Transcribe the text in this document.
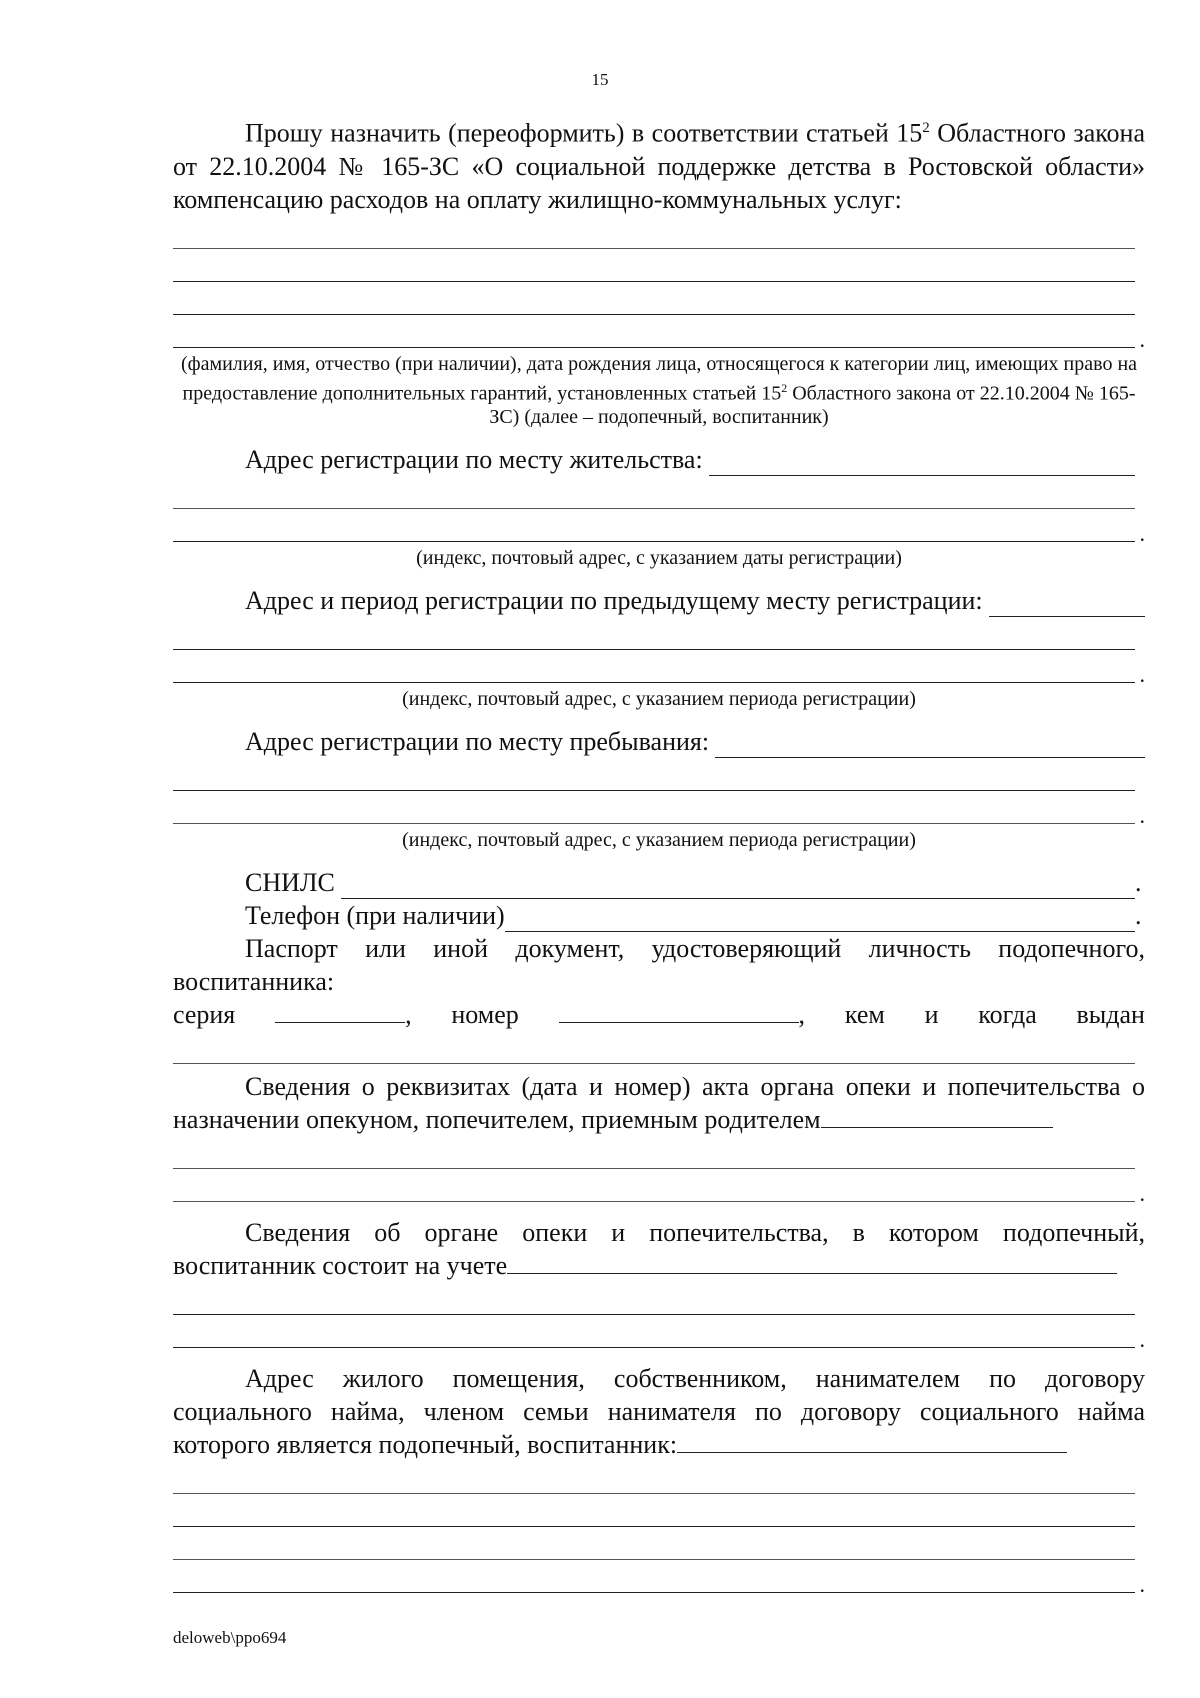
15

Прошу назначить (переоформить) в соответствии статьей $15^2$ Областного закона от 22.10.2004 № 165-ЗС «О социальной поддержке детства в Ростовской области» компенсацию расходов на оплату жилищно-коммунальных услуг:

.

(фамилия, имя, отчество (при наличии), дата рождения лица, относящегося к категории лиц, имеющих право на предоставление дополнительных гарантий, установленных статьей $15^2$ Областного закона от 22.10.2004 № 165-ЗС) (далее – подопечный, воспитанник)

Адрес регистрации по месту жительства:
.

(индекс, почтовый адрес, с указанием даты регистрации)

Адрес и период регистрации по предыдущему месту регистрации:
.

(индекс, почтовый адрес, с указанием периода регистрации)

Адрес регистрации по месту пребывания:
.

(индекс, почтовый адрес, с указанием периода регистрации)

СНИЛС	.
Телефон (при наличии)	.

Паспорт или иной документ, удостоверяющий личность подопечного, воспитанника:

серия	, номер	, кем и когда выдан

Сведения о реквизитах (дата и номер) акта органа опеки и попечительства о назначении опекуном, попечителем, приемным родителем

.

Сведения об органе опеки и попечительства, в котором подопечный, воспитанник состоит на учете

.

Адрес жилого помещения, собственником, нанимателем по договору социального найма, членом семьи нанимателя по договору социального найма которого является подопечный, воспитанник:

.
deloweb\ppo694
